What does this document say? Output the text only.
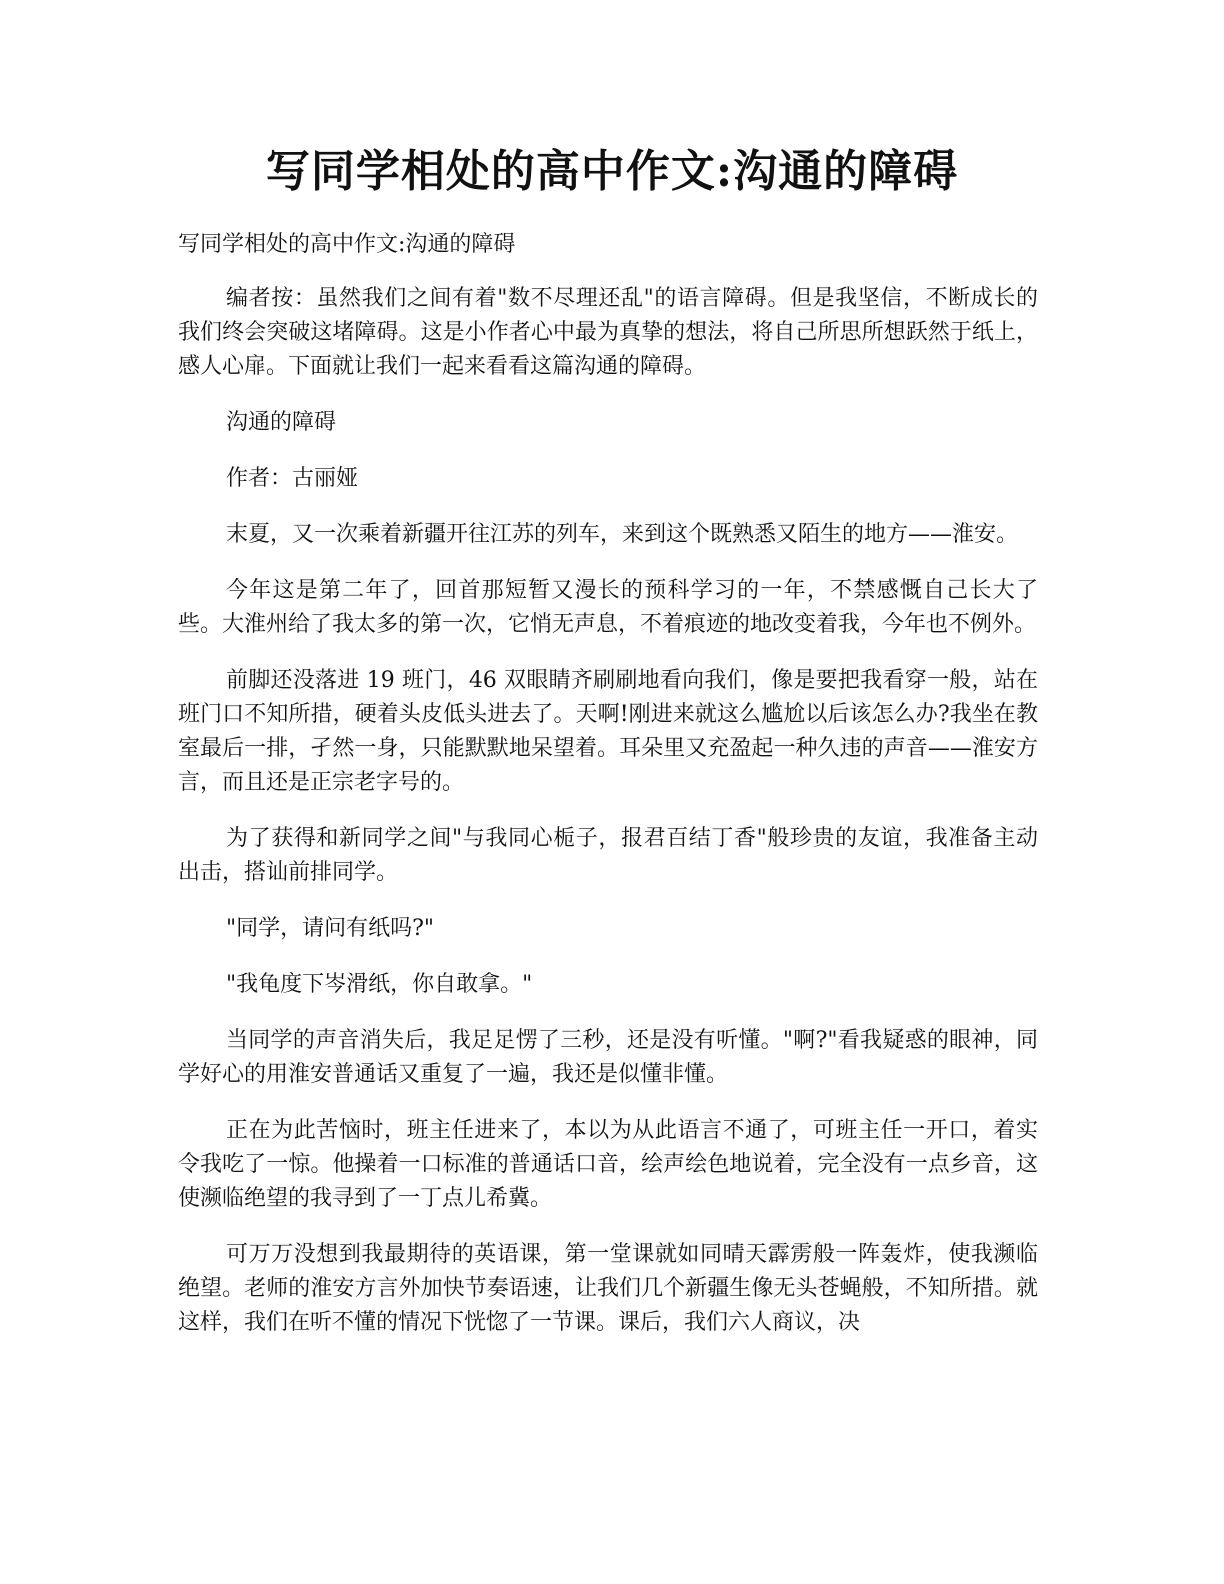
写同学相处的高中作文:沟通的障碍

写同学相处的高中作文:沟通的障碍

编者按：虽然我们之间有着"数不尽理还乱"的语言障碍。但是我坚信，不断成长的我们终会突破这堵障碍。这是小作者心中最为真挚的想法，将自己所思所想跃然于纸上，感人心扉。下面就让我们一起来看看这篇沟通的障碍。

沟通的障碍

作者：古丽娅

末夏，又一次乘着新疆开往江苏的列车，来到这个既熟悉又陌生的地方——淮安。

今年这是第二年了，回首那短暂又漫长的预科学习的一年，不禁感慨自己长大了些。大淮州给了我太多的第一次，它悄无声息，不着痕迹的地改变着我，今年也不例外。

前脚还没落进 19 班门，46 双眼睛齐刷刷地看向我们，像是要把我看穿一般，站在班门口不知所措，硬着头皮低头进去了。天啊!刚进来就这么尴尬以后该怎么办?我坐在教室最后一排，孑然一身，只能默默地呆望着。耳朵里又充盈起一种久违的声音——淮安方言，而且还是正宗老字号的。

为了获得和新同学之间"与我同心栀子，报君百结丁香"般珍贵的友谊，我准备主动出击，搭讪前排同学。

"同学，请问有纸吗?"

"我龟度下岑滑纸，你自敢拿。"

当同学的声音消失后，我足足愣了三秒，还是没有听懂。"啊?"看我疑惑的眼神，同学好心的用淮安普通话又重复了一遍，我还是似懂非懂。

正在为此苦恼时，班主任进来了，本以为从此语言不通了，可班主任一开口，着实令我吃了一惊。他操着一口标准的普通话口音，绘声绘色地说着，完全没有一点乡音，这使濒临绝望的我寻到了一丁点儿希冀。

可万万没想到我最期待的英语课，第一堂课就如同晴天霹雳般一阵轰炸，使我濒临绝望。老师的淮安方言外加快节奏语速，让我们几个新疆生像无头苍蝇般，不知所措。就这样，我们在听不懂的情况下恍惚了一节课。课后，我们六人商议，决
